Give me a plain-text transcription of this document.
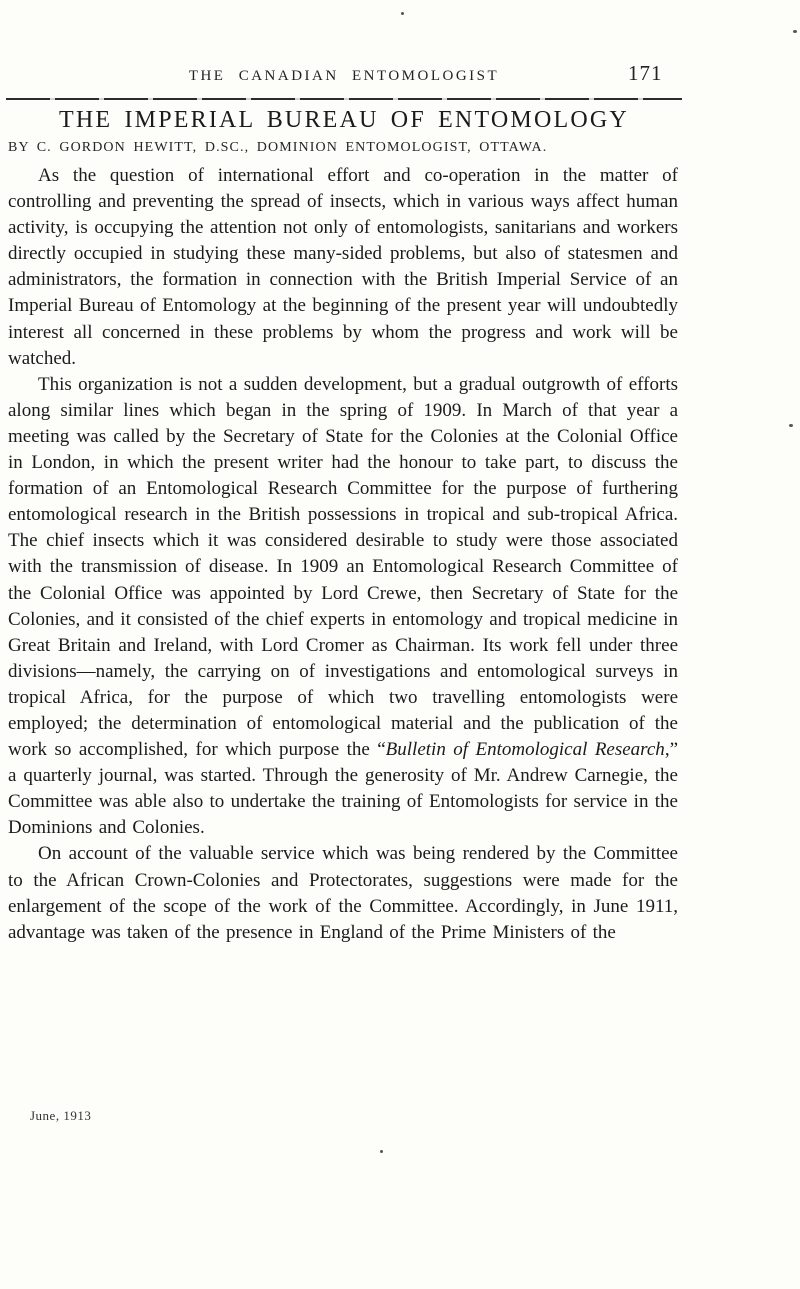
THE CANADIAN ENTOMOLOGIST	171
THE IMPERIAL BUREAU OF ENTOMOLOGY
BY C. GORDON HEWITT, D.SC., DOMINION ENTOMOLOGIST, OTTAWA.

As the question of international effort and co-operation in the matter of controlling and preventing the spread of insects, which in various ways affect human activity, is occupying the attention not only of entomologists, sanitarians and workers directly occupied in studying these many-sided problems, but also of statesmen and administrators, the formation in connection with the British Imperial Service of an Imperial Bureau of Entomology at the beginning of the present year will undoubtedly interest all concerned in these problems by whom the progress and work will be watched.

This organization is not a sudden development, but a gradual outgrowth of efforts along similar lines which began in the spring of 1909. In March of that year a meeting was called by the Secretary of State for the Colonies at the Colonial Office in London, in which the present writer had the honour to take part, to discuss the formation of an Entomological Research Committee for the purpose of furthering entomological research in the British possessions in tropical and sub-tropical Africa. The chief insects which it was considered desirable to study were those associated with the transmission of disease. In 1909 an Entomological Research Committee of the Colonial Office was appointed by Lord Crewe, then Secretary of State for the Colonies, and it consisted of the chief experts in entomology and tropical medicine in Great Britain and Ireland, with Lord Cromer as Chairman. Its work fell under three divisions—namely, the carrying on of investigations and entomological surveys in tropical Africa, for the purpose of which two travelling entomologists were employed; the determination of entomological material and the publication of the work so accomplished, for which purpose the “Bulletin of Entomological Research,” a quarterly journal, was started. Through the generosity of Mr. Andrew Carnegie, the Committee was able also to undertake the training of Entomologists for service in the Dominions and Colonies.

On account of the valuable service which was being rendered by the Committee to the African Crown-Colonies and Protectorates, suggestions were made for the enlargement of the scope of the work of the Committee. Accordingly, in June 1911, advantage was taken of the presence in England of the Prime Ministers of the

June, 1913
